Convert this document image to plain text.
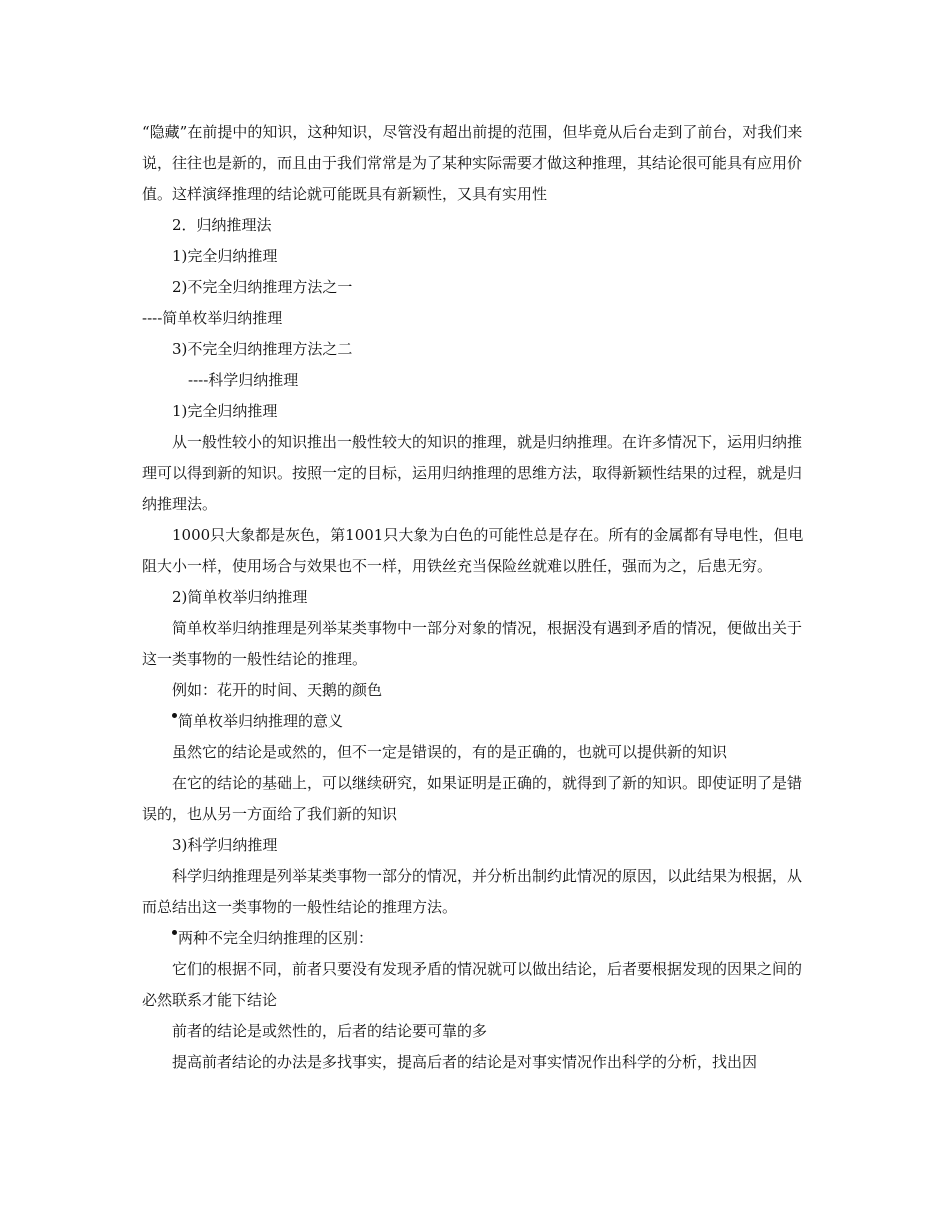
“隐藏”在前提中的知识，这种知识，尽管没有超出前提的范围，但毕竟从后台走到了前台，对我们来说，往往也是新的，而且由于我们常常是为了某种实际需要才做这种推理，其结论很可能具有应用价值。这样演绎推理的结论就可能既具有新颖性，又具有实用性

2．归纳推理法

1)完全归纳推理

2)不完全归纳推理方法之一

----简单枚举归纳推理

3)不完全归纳推理方法之二

----科学归纳推理

1)完全归纳推理

从一般性较小的知识推出一般性较大的知识的推理，就是归纳推理。在许多情况下，运用归纳推理可以得到新的知识。按照一定的目标，运用归纳推理的思维方法，取得新颖性结果的过程，就是归纳推理法。

1000只大象都是灰色，第1001只大象为白色的可能性总是存在。所有的金属都有导电性，但电阻大小一样，使用场合与效果也不一样，用铁丝充当保险丝就难以胜任，强而为之，后患无穷。

2)简单枚举归纳推理

简单枚举归纳推理是列举某类事物中一部分对象的情况，根据没有遇到矛盾的情况，便做出关于这一类事物的一般性结论的推理。

例如：花开的时间、天鹅的颜色

简单枚举归纳推理的意义

虽然它的结论是或然的，但不一定是错误的，有的是正确的，也就可以提供新的知识

在它的结论的基础上，可以继续研究，如果证明是正确的，就得到了新的知识。即使证明了是错误的，也从另一方面给了我们新的知识

3)科学归纳推理

科学归纳推理是列举某类事物一部分的情况，并分析出制约此情况的原因，以此结果为根据，从而总结出这一类事物的一般性结论的推理方法。

两种不完全归纳推理的区别：

它们的根据不同，前者只要没有发现矛盾的情况就可以做出结论，后者要根据发现的因果之间的必然联系才能下结论

前者的结论是或然性的，后者的结论要可靠的多

提高前者结论的办法是多找事实，提高后者的结论是对事实情况作出科学的分析，找出因
